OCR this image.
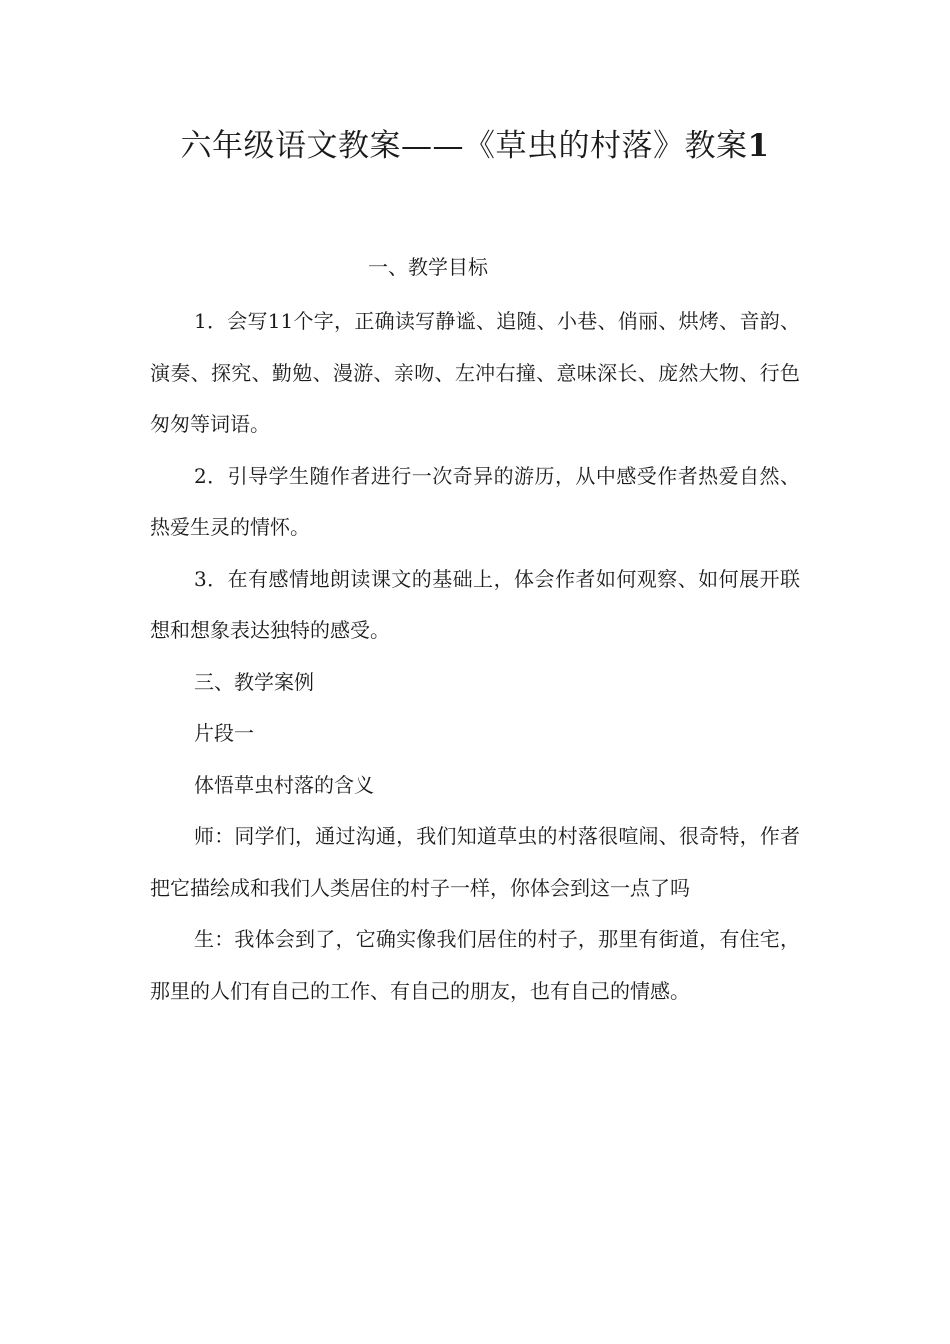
六年级语文教案——《草虫的村落》教案1
一、教学目标

1．会写11个字，正确读写静谧、追随、小巷、俏丽、烘烤、音韵、演奏、探究、勤勉、漫游、亲吻、左冲右撞、意味深长、庞然大物、行色匆匆等词语。

2．引导学生随作者进行一次奇异的游历，从中感受作者热爱自然、热爱生灵的情怀。

3．在有感情地朗读课文的基础上，体会作者如何观察、如何展开联想和想象表达独特的感受。

三、教学案例

片段一

体悟草虫村落的含义

师：同学们，通过沟通，我们知道草虫的村落很喧闹、很奇特，作者把它描绘成和我们人类居住的村子一样，你体会到这一点了吗

生：我体会到了，它确实像我们居住的村子，那里有街道，有住宅，那里的人们有自己的工作、有自己的朋友，也有自己的情感。
